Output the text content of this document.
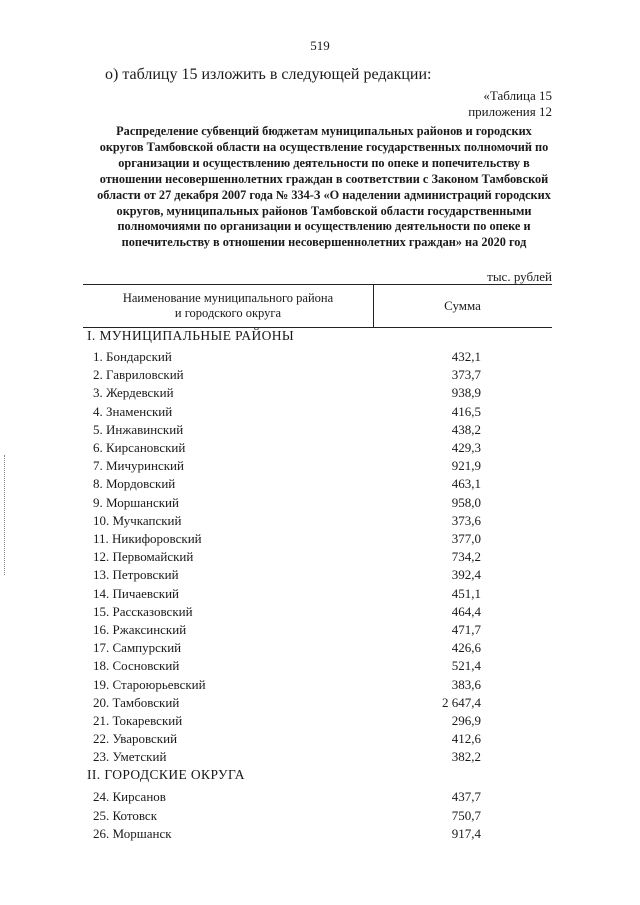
519
о) таблицу 15 изложить в следующей редакции:
«Таблица 15
приложения 12
Распределение субвенций бюджетам муниципальных районов и городских округов Тамбовской области на осуществление государственных полномочий по организации и осуществлению деятельности по опеке и попечительству в отношении несовершеннолетних граждан в соответствии с Законом Тамбовской области от 27 декабря 2007 года № 334-З «О наделении администраций городских округов, муниципальных районов Тамбовской области государственными полномочиями по организации и осуществлению деятельности по опеке и попечительству в отношении несовершеннолетних граждан» на 2020 год
тыс. рублей
Наименование муниципального района
и городского округа	Сумма
I. МУНИЦИПАЛЬНЫЕ РАЙОНЫ
1. Бондарский	432,1
2. Гавриловский	373,7
3. Жердевский	938,9
4. Знаменский	416,5
5. Инжавинский	438,2
6. Кирсановский	429,3
7. Мичуринский	921,9
8. Мордовский	463,1
9. Моршанский	958,0
10. Мучкапский	373,6
11. Никифоровский	377,0
12. Первомайский	734,2
13. Петровский	392,4
14. Пичаевский	451,1
15. Рассказовский	464,4
16. Ржаксинский	471,7
17. Сампурский	426,6
18. Сосновский	521,4
19. Староюрьевский	383,6
20. Тамбовский	2 647,4
21. Токаревский	296,9
22. Уваровский	412,6
23. Уметский	382,2
II. ГОРОДСКИЕ ОКРУГА
24. Кирсанов	437,7
25. Котовск	750,7
26. Моршанск	917,4
